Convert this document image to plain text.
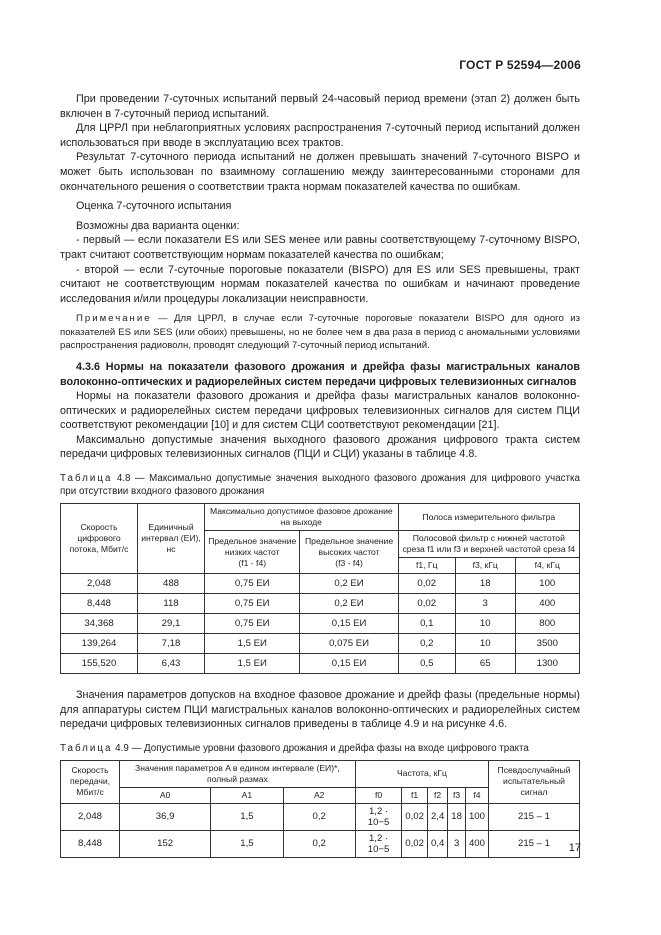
ГОСТ Р 52594—2006

При проведении 7-суточных испытаний первый 24-часовый период времени (этап 2) должен быть включен в 7-суточный период испытаний.

Для ЦРРЛ при неблагоприятных условиях распространения 7-суточный период испытаний должен использоваться при вводе в эксплуатацию всех трактов.

Результат 7-суточного периода испытаний не должен превышать значений 7-суточного BISPO и может быть использован по взаимному соглашению между заинтересованными сторонами для окончательного решения о соответствии тракта нормам показателей качества по ошибкам.

Оценка 7-суточного испытания

Возможны два варианта оценки:

- первый — если показатели ES или SES менее или равны соответствующему 7-суточному BISPO, тракт считают соответствующим нормам показателей качества по ошибкам;

- второй — если 7-суточные пороговые показатели (BISPO) для ES или SES превышены, тракт считают не соответствующим нормам показателей качества по ошибкам и начинают проведение исследования и/или процедуры локализации неисправности.

Примечание — Для ЦРРЛ, в случае если 7-суточные пороговые показатели BISPO для одного из показателей ES или SES (или обоих) превышены, но не более чем в два раза в период с аномальными условиями распространения радиоволн, проводят следующий 7-суточный период испытаний.

4.3.6 Нормы на показатели фазового дрожания и дрейфа фазы магистральных каналов волоконно-оптических и радиорелейных систем передачи цифровых телевизионных сигналов

Нормы на показатели фазового дрожания и дрейфа фазы магистральных каналов волоконно-оптических и радиорелейных систем передачи цифровых телевизионных сигналов для систем ПЦИ соответствуют рекомендации [10] и для систем СЦИ соответствуют рекомендации [21].

Максимально допустимые значения выходного фазового дрожания цифрового тракта систем передачи цифровых телевизионных сигналов (ПЦИ и СЦИ) указаны в таблице 4.8.

Таблица 4.8 — Максимально допустимые значения выходного фазового дрожания для цифрового участка при отсутствии входного фазового дрожания

Скорость цифрового потока, Мбит/с	Единичный интервал (ЕИ), нс	Максимально допустимое фазовое дрожание на выходе		Полоса измерительного фильтра		
		Предельное значение низких частот
(f1 - f4)	Предельное значение высоких частот
(f3 - f4)	Полосовой фильтр с нижней частотой среза f1 или f3 и верхней частотой среза f4		
				f1, Гц	f3, кГц	f4, кГц
2,048	488	0,75 ЕИ	0,2 ЕИ	0,02	18	100
8,448	118	0,75 ЕИ	0,2 ЕИ	0,02	3	400
34,368	29,1	0,75 ЕИ	0,15 ЕИ	0,1	10	800
139,264	7,18	1,5 ЕИ	0,075 ЕИ	0,2	10	3500
155,520	6,43	1,5 ЕИ	0,15 ЕИ	0,5	65	1300

Значения параметров допусков на входное фазовое дрожание и дрейф фазы (предельные нормы) для аппаратуры систем ПЦИ магистральных каналов волоконно-оптических и радиорелейных систем передачи цифровых телевизионных сигналов приведены в таблице 4.9 и на рисунке 4.6.

Таблица 4.9 — Допустимые уровни фазового дрожания и дрейфа фазы на входе цифрового тракта

Скорость передачи, Мбит/с	Значения параметров A в едином интервале (ЕИ)*, полный размах			Частота, кГц					Псевдослучайный испытательный сигнал
	A0	A1	A2	f0	f1	f2	f3	f4	
2,048	36,9	1,5	0,2	1,2 · 10−5	0,02	2,4	18	100	215 – 1
8,448	152	1,5	0,2	1,2 · 10−5	0,02	0,4	3	400	215 – 1 17
